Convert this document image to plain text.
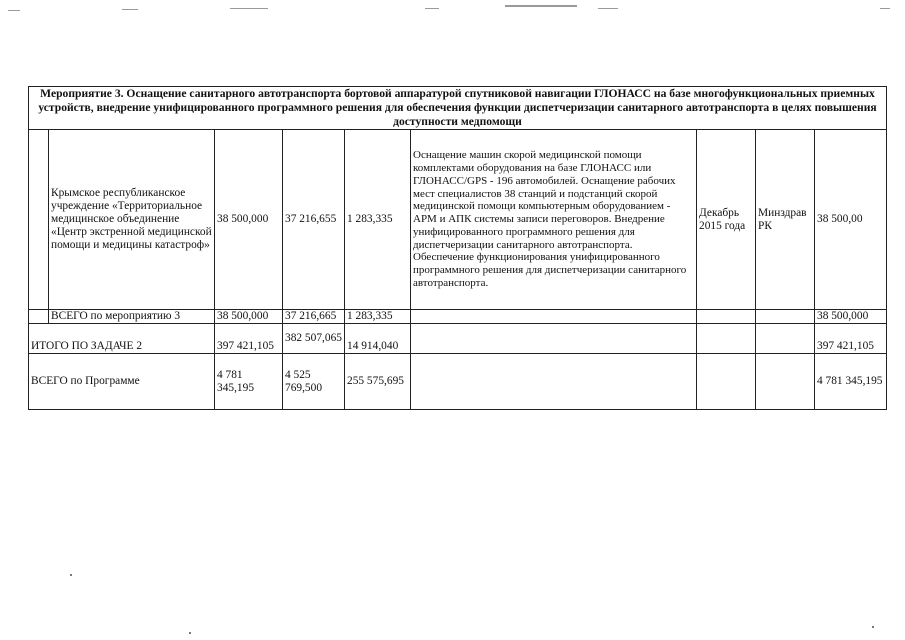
Мероприятие 3. Оснащение санитарного автотранспорта бортовой аппаратурой спутниковой навигации ГЛОНАСС на базе многофункциональных приемных устройств, внедрение унифицированного программного решения для обеспечения функции диспетчеризации санитарного автотранспорта в целях повышения доступности медпомощи								
	Крымское республиканское учреждение «Территориальное медицинское объединение «Центр экстренной медицинской помощи и медицины катастроф»	38 500,000	37 216,655	1 283,335	Оснащение машин скорой медицинской помощи комплектами оборудования на базе ГЛОНАСС или ГЛОНАСС/GPS - 196 автомобилей. Оснащение рабочих мест специалистов 38 станций и подстанций скорой медицинской помощи компьютерным оборудованием - АРМ и АПК системы записи переговоров. Внедрение унифицированного программного решения для диспетчеризации санитарного автотранспорта. Обеспечение функционирования унифицированного программного решения для диспетчеризации санитарного автотранспорта.	Декабрь 2015 года	Минздрав РК	38 500,00
	ВСЕГО по мероприятию 3	38 500,000	37 216,665	1 283,335				38 500,000
ИТОГО ПО ЗАДАЧЕ 2		397 421,105	382 507,065	14 914,040				397 421,105
ВСЕГО по Программе		4 781 345,195	4 525 769,500	255 575,695				4 781 345,195
